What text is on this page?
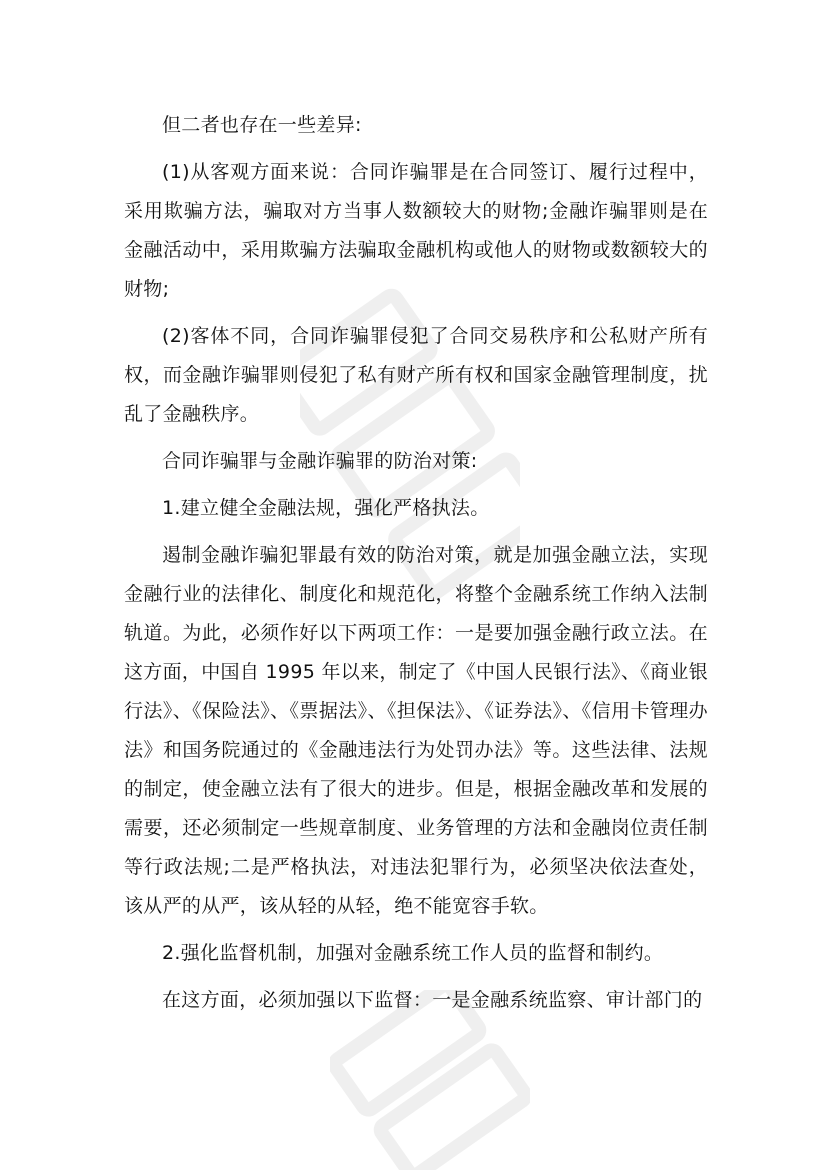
但二者也存在一些差异:

(1)从客观方面来说：合同诈骗罪是在合同签订、履行过程中，采用欺骗方法，骗取对方当事人数额较大的财物;金融诈骗罪则是在金融活动中，采用欺骗方法骗取金融机构或他人的财物或数额较大的财物;

(2)客体不同，合同诈骗罪侵犯了合同交易秩序和公私财产所有权，而金融诈骗罪则侵犯了私有财产所有权和国家金融管理制度，扰乱了金融秩序。

合同诈骗罪与金融诈骗罪的防治对策:

1.建立健全金融法规，强化严格执法。

遏制金融诈骗犯罪最有效的防治对策，就是加强金融立法，实现金融行业的法律化、制度化和规范化，将整个金融系统工作纳入法制轨道。为此，必须作好以下两项工作：一是要加强金融行政立法。在这方面，中国自 1995 年以来，制定了《中国人民银行法》、《商业银行法》、《保险法》、《票据法》、《担保法》、《证券法》、《信用卡管理办法》和国务院通过的《金融违法行为处罚办法》等。这些法律、法规的制定，使金融立法有了很大的进步。但是，根据金融改革和发展的需要，还必须制定一些规章制度、业务管理的方法和金融岗位责任制等行政法规;二是严格执法，对违法犯罪行为，必须坚决依法查处，该从严的从严，该从轻的从轻，绝不能宽容手软。

2.强化监督机制，加强对金融系统工作人员的监督和制约。

在这方面，必须加强以下监督：一是金融系统监察、审计部门的
